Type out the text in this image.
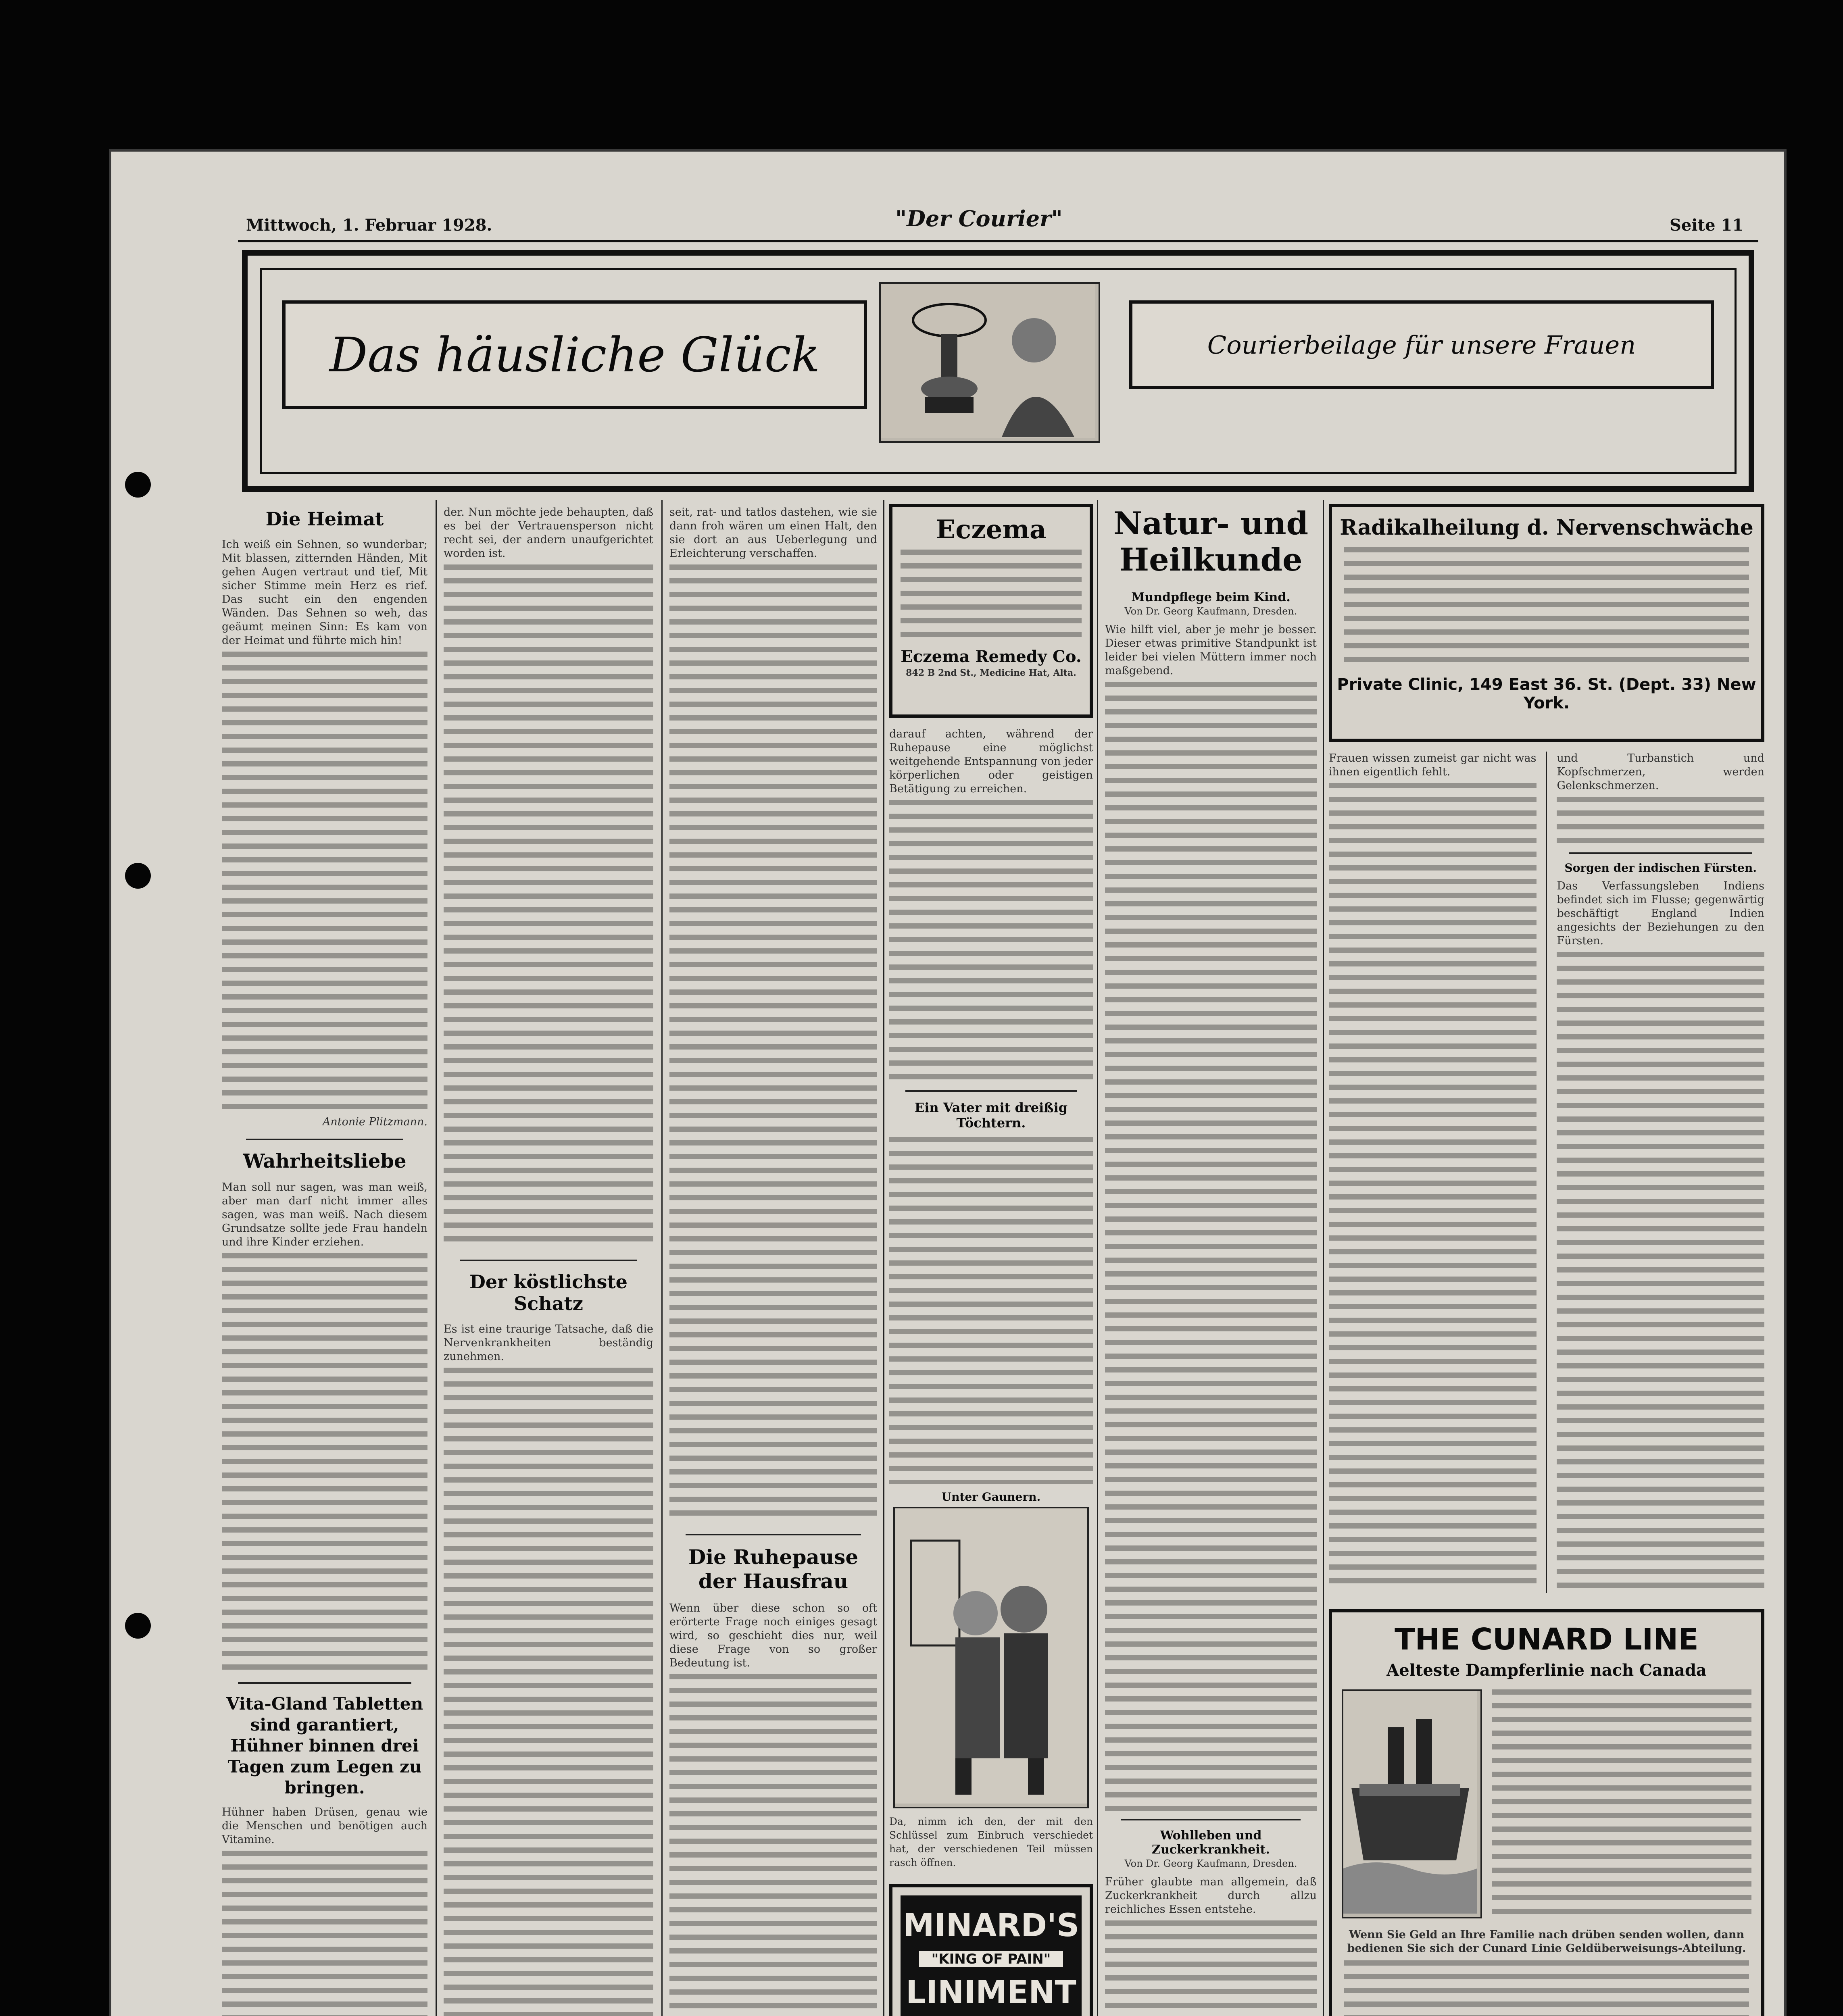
Mittwoch, 1. Februar 1928.	"Der Courier"	Seite 11
Das häusliche Glück	Courierbeilage für unsere Frauen
Die Heimat
Ich weiß ein Sehnen, so wunderbar; Mit blassen, zitternden Händen, Mit gehen Augen vertraut und tief, Mit sicher Stimme mein Herz es rief. Das sucht ein den engenden Wänden. Das Sehnen so weh, das geäumt meinen Sinn: Es kam von der Heimat und führte mich hin!
Antonie Plitzmann.
Wahrheitsliebe
Man soll nur sagen, was man weiß, aber man darf nicht immer alles sagen, was man weiß. Nach diesem Grundsatze sollte jede Frau handeln und ihre Kinder erziehen.
Vita-Gland Tabletten sind garantiert, Hühner binnen drei Tagen zum Legen zu bringen.
Hühner haben Drüsen, genau wie die Menschen und benötigen auch Vitamine.
der. Nun möchte jede behaupten, daß es bei der Vertrauensperson nicht recht sei, der andern unaufgerichtet worden ist.
Der köstlichste Schatz
Es ist eine traurige Tatsache, daß die Nervenkrankheiten beständig zunehmen.
seit, rat- und tatlos dastehen, wie sie dann froh wären um einen Halt, den sie dort an aus Ueberlegung und Erleichterung verschaffen.
Die Ruhepause der Hausfrau
Wenn über diese schon so oft erörterte Frage noch einiges gesagt wird, so geschieht dies nur, weil diese Frage von so großer Bedeutung ist.
Eczema
Eczema Remedy Co.
842 B 2nd St., Medicine Hat, Alta.
darauf achten, während der Ruhepause eine möglichst weitgehende Entspannung von jeder körperlichen oder geistigen Betätigung zu erreichen.
Ein Vater mit dreißig Töchtern.
Unter Gaunern.
Da, nimm ich den, der mit den Schlüssel zum Einbruch verschiedet hat, der verschiedenen Teil müssen rasch öffnen.
MINARD'S
"KING OF PAIN"
LINIMENT
Natur- und Heilkunde
Mundpflege beim Kind.
Von Dr. Georg Kaufmann, Dresden.
Wie hilft viel, aber je mehr je besser. Dieser etwas primitive Standpunkt ist leider bei vielen Müttern immer noch maßgebend.
Wohlleben und Zuckerkrankheit.
Von Dr. Georg Kaufmann, Dresden.
Früher glaubte man allgemein, daß Zuckerkrankheit durch allzu reichliches Essen entstehe.
Radikalheilung d. Nervenschwäche
Private Clinic, 149 East 36. St. (Dept. 33) New York.
Frauen wissen zumeist gar nicht was ihnen eigentlich fehlt.
und Turbanstich und Kopfschmerzen, werden Gelenkschmerzen.
Sorgen der indischen Fürsten.
Das Verfassungsleben Indiens befindet sich im Flusse; gegenwärtig beschäftigt England Indien angesichts der Beziehungen zu den Fürsten.
THE CUNARD LINE
Aelteste Dampferlinie nach Canada
Wenn Sie Geld an Ihre Familie nach drüben senden wollen, dann bedienen Sie sich der Cunard Linie Geldüberweisungs-Abteilung.
